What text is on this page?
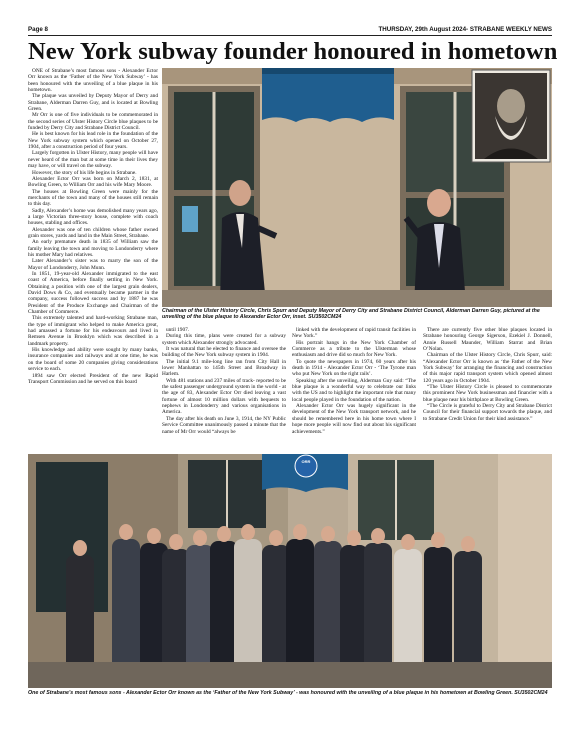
Page 8	THURSDAY, 29th August 2024- STRABANE WEEKLY NEWS
New York subway founder honoured in hometown

ONE of Strabane’s most famous sons - Alexander Ector Orr known as the ‘Father of the New York Subway’ - has been honoured with the unveiling of a blue plaque in his hometown.

The plaque was unveiled by Deputy Mayor of Derry and Strabane, Alderman Darren Guy, and is located at Bowling Green.

Mr Orr is one of five individuals to be commemorated in the second series of Ulster History Circle blue plaques to be funded by Derry City and Strabane District Council.

He is best known for his lead role in the foundation of the New York subway system which opened on October 27, 1904, after a construction period of four years.

Largely forgotten in Ulster History, many people will have never heard of the man but at some time in their lives they may have, or will travel on the subway.

However, the story of his life begins in Strabane.

Alexander Ector Orr was born on March 2, 1831, at Bowling Green, to William Orr and his wife Mary Moore.

The houses at Bowling Green were mainly for the merchants of the town and many of the houses still remain to this day.

Sadly, Alexander’s home was demolished many years ago, a large Victorian three-story house, complete with coach houses, stabling and offices.

Alexander was one of ten children whose father owned grain stores, yards and land in the Main Street, Strabane.

An early premature death in 1835 of William saw the family leaving the town and moving to Londonderry where his mother Mary had relatives.

Later Alexander’s sister was to marry the son of the Mayor of Londonderry, John Munn.

In 1851, 19-year-old Alexander immigrated to the east coast of America, before finally settling in New York. Obtaining a position with one of the largest grain dealers, David Dows & Co, and eventually became partner in the company, success followed success and by 1887 he was President of the Produce Exchange and Chairman of the Chamber of Commerce.

This extremely talented and hard-working Strabane man, the type of immigrant who helped to make America great, had amassed a fortune for his endeavours and lived in Remsen Avenue in Brooklyn which was described in a landmark property.

His knowledge and ability were sought by many banks, insurance companies and railways and at one time, he was on the board of some 20 companies giving considerations service to each.

1894 saw Orr elected President of the new Rapid Transport Commission and he served on this board

Chairman of the Ulster History Circle, Chris Spurr and Deputy Mayor of Derry City and Strabane District Council, Alderman Darren Guy, pictured at the unveiling of the blue plaque to Alexander Ector Orr, inset. SU3502CM24

until 1907.

During this time, plans were created for a subway system which Alexander strongly advocated.

It was natural that he elected to finance and oversee the building of the New York subway system in 1904.

The initial 9.1 mile-long line ran from City Hall in lower Manhattan to 145th Street and Broadway in Harlem.

With 481 stations and 237 miles of track- reported to be the safest passenger underground system in the world - at the age of 83, Alexander Ector Orr died leaving a vast fortune of almost 10 million dollars with bequests to nephews in Londonderry and various organisations in America.

The day after his death on June 3, 1914, the NY Public Service Committee unanimously passed a minute that the name of Mr Orr would “always be

linked with the development of rapid transit facilities in New York.”

His portrait hangs in the New York Chamber of Commerce as a tribute to the Ulsterman whose enthusiasm and drive did so much for New York.

To quote the newspapers in 1974, 60 years after his death in 1914 - Alexander Ector Orr - ‘The Tyrone man who put New York on the right rails’.

Speaking after the unveiling, Alderman Guy said: “The blue plaque is a wonderful way to celebrate our links with the US and to highlight the important role that many local people played in the foundation of the nation.

Alexander Ector Orr was hugely significant in the development of the New York transport network, and he should be remembered here in his home town where I hope more people will now find out about his significant achievements.”

There are currently five other blue plaques located in Strabane honouring George Sigerson, Ezekiel J. Donnell, Annie Russell Maunder, William Starrat and Brian O’Nolan.

Chairman of the Ulster History Circle, Chris Spurr, said: “Alexander Ector Orr is known as ‘the Father of the New York Subway’ for arranging the financing and construction of this major rapid transport system which opened almost 120 years ago in October 1904.

“The Ulster History Circle is pleased to commemorate this prominent New York businessman and financier with a blue plaque near his birthplace at Bowling Green.

“The Circle is grateful to Derry City and Strabane District Council for their financial support towards the plaque, and to Strabane Credit Union for their kind assistance.”

ORR
One of Strabane’s most famous sons - Alexander Ector Orr known as the ‘Father of the New York Subway’ - was honoured with the unveiling of a blue plaque in his hometown at Bowling Green. SU3502CM24
